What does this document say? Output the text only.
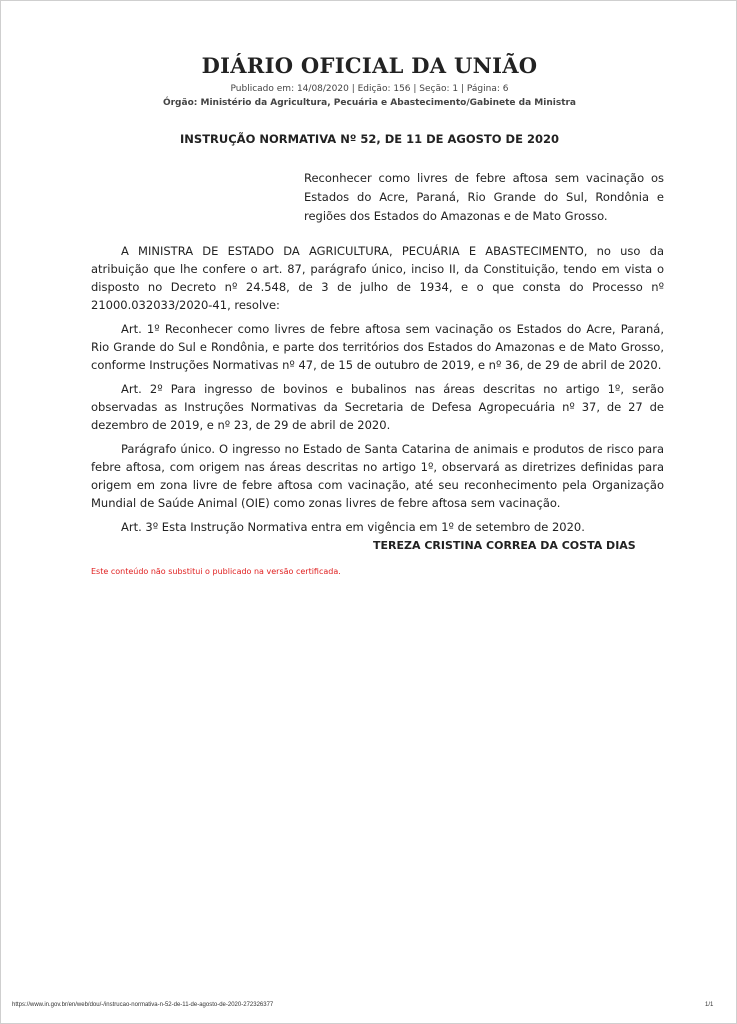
DIÁRIO OFICIAL DA UNIÃO
Publicado em: 14/08/2020 | Edição: 156 | Seção: 1 | Página: 6
Órgão: Ministério da Agricultura, Pecuária e Abastecimento/Gabinete da Ministra
INSTRUÇÃO NORMATIVA Nº 52, DE 11 DE AGOSTO DE 2020
Reconhecer como livres de febre aftosa sem vacinação os Estados do Acre, Paraná, Rio Grande do Sul, Rondônia e regiões dos Estados do Amazonas e de Mato Grosso.

A MINISTRA DE ESTADO DA AGRICULTURA, PECUÁRIA E ABASTECIMENTO, no uso da atribuição que lhe confere o art. 87, parágrafo único, inciso II, da Constituição, tendo em vista o disposto no Decreto nº 24.548, de 3 de julho de 1934, e o que consta do Processo nº 21000.032033/2020-41, resolve:

Art. 1º Reconhecer como livres de febre aftosa sem vacinação os Estados do Acre, Paraná, Rio Grande do Sul e Rondônia, e parte dos territórios dos Estados do Amazonas e de Mato Grosso, conforme Instruções Normativas nº 47, de 15 de outubro de 2019, e nº 36, de 29 de abril de 2020.

Art. 2º Para ingresso de bovinos e bubalinos nas áreas descritas no artigo 1º, serão observadas as Instruções Normativas da Secretaria de Defesa Agropecuária nº 37, de 27 de dezembro de 2019, e nº 23, de 29 de abril de 2020.

Parágrafo único. O ingresso no Estado de Santa Catarina de animais e produtos de risco para febre aftosa, com origem nas áreas descritas no artigo 1º, observará as diretrizes definidas para origem em zona livre de febre aftosa com vacinação, até seu reconhecimento pela Organização Mundial de Saúde Animal (OIE) como zonas livres de febre aftosa sem vacinação.

Art. 3º Esta Instrução Normativa entra em vigência em 1º de setembro de 2020.

TEREZA CRISTINA CORREA DA COSTA DIAS
Este conteúdo não substitui o publicado na versão certificada.
https://www.in.gov.br/en/web/dou/-/instrucao-normativa-n-52-de-11-de-agosto-de-2020-272326377	1/1
